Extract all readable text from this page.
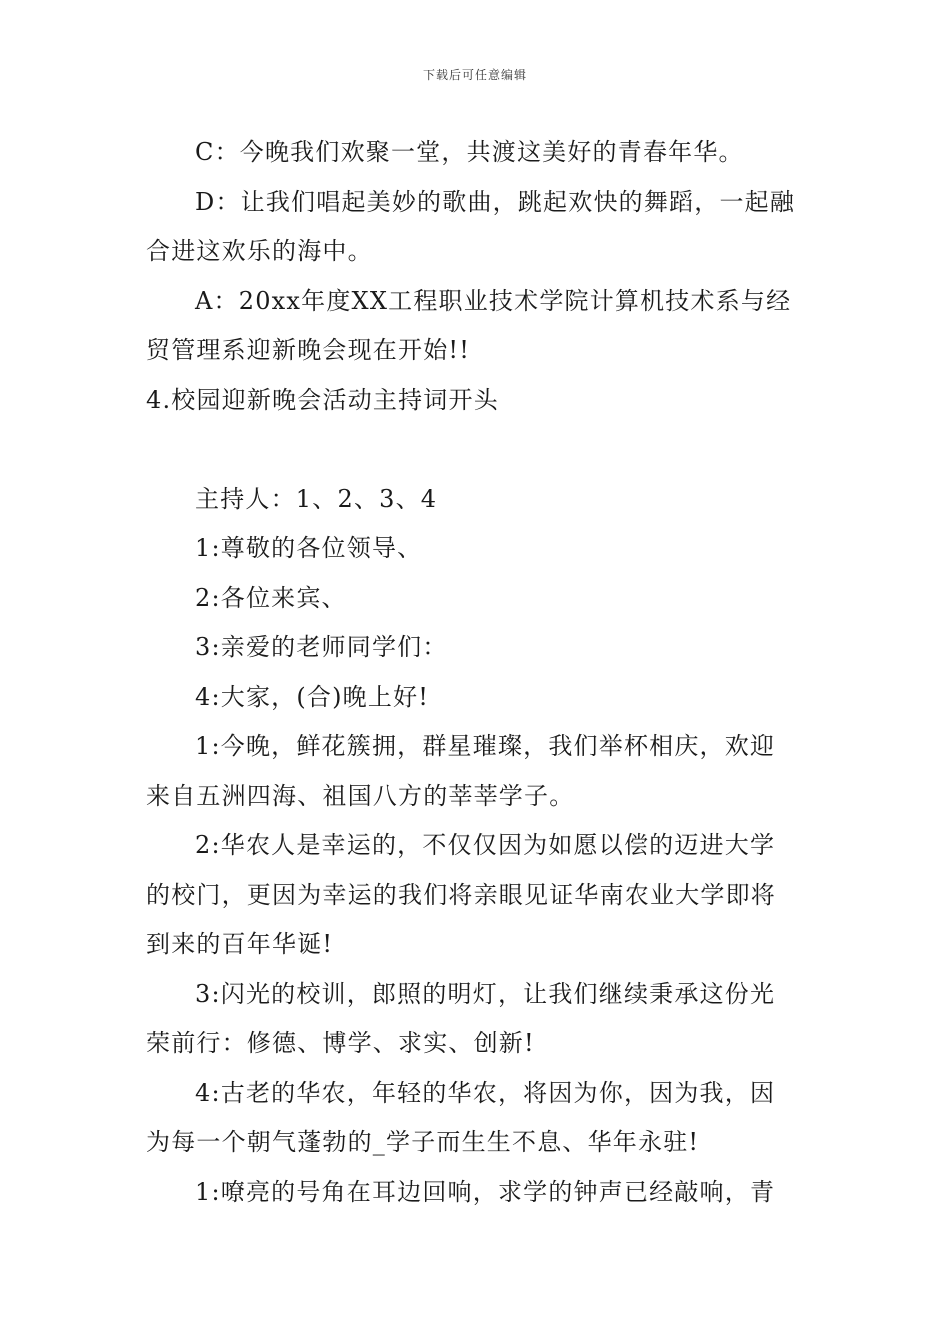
下载后可任意编辑
C：今晚我们欢聚一堂，共渡这美好的青春年华。
D：让我们唱起美妙的歌曲，跳起欢快的舞蹈，一起融
合进这欢乐的海中。
A：20xx年度XX工程职业技术学院计算机技术系与经
贸管理系迎新晚会现在开始!!
4.校园迎新晚会活动主持词开头
主持人：1、2、3、4
1:尊敬的各位领导、
2:各位来宾、
3:亲爱的老师同学们：
4:大家，(合)晚上好!
1:今晚，鲜花簇拥，群星璀璨，我们举杯相庆，欢迎
来自五洲四海、祖国八方的莘莘学子。
2:华农人是幸运的，不仅仅因为如愿以偿的迈进大学
的校门，更因为幸运的我们将亲眼见证华南农业大学即将
到来的百年华诞!
3:闪光的校训，郎照的明灯，让我们继续秉承这份光
荣前行：修德、博学、求实、创新!
4:古老的华农，年轻的华农，将因为你，因为我，因
为每一个朝气蓬勃的_学子而生生不息、华年永驻!
1:嘹亮的号角在耳边回响，求学的钟声已经敲响，青
